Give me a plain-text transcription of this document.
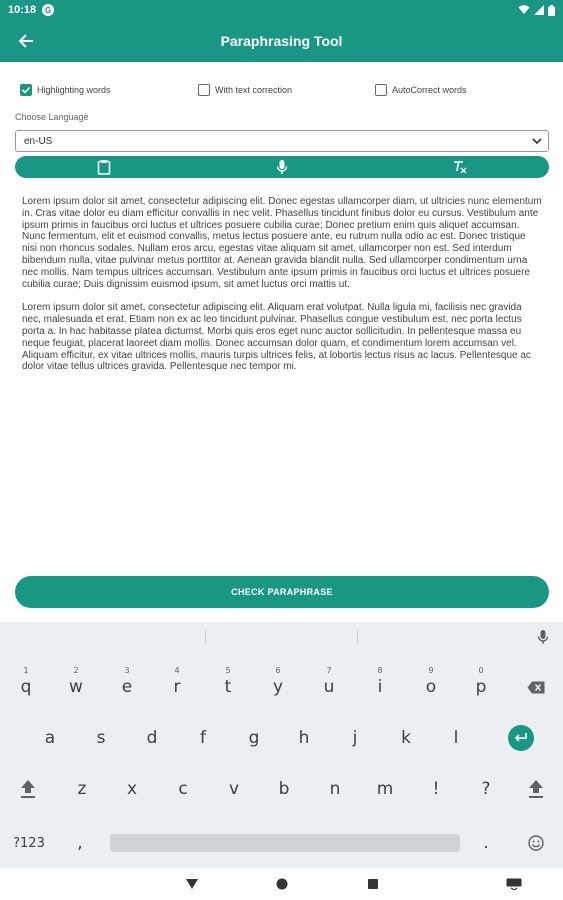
10:18	G
Paraphrasing Tool
Highlighting words	With text correction	AutoCorrect words
Choose Language
en-US

Lorem ipsum dolor sit amet, consectetur adipiscing elit. Donec egestas ullamcorper diam, ut ultricies nunc elementum in. Cras vitae dolor eu diam efficitur convallis in nec velit. Phasellus tincidunt finibus dolor eu cursus. Vestibulum ante ipsum primis in faucibus orci luctus et ultrices posuere cubilia curae; Donec pretium enim quis aliquet accumsan. Nunc fermentum, elit et euismod convallis, metus lectus posuere ante, eu rutrum nulla odio ac est. Donec tristique nisi non rhoncus sodales. Nullam eros arcu, egestas vitae aliquam sit amet, ullamcorper non est. Sed interdum bibendum nulla, vitae pulvinar metus porttitor at. Aenean gravida blandit nulla. Sed ullamcorper condimentum urna nec mollis. Nam tempus ultrices accumsan. Vestibulum ante ipsum primis in faucibus orci luctus et ultrices posuere cubilia curae; Duis dignissim euismod ipsum, sit amet luctus orci mattis ut.

Lorem ipsum dolor sit amet, consectetur adipiscing elit. Aliquam erat volutpat. Nulla ligula mi, facilisis nec gravida nec, malesuada et erat. Etiam non ex ac leo tincidunt pulvinar. Phasellus congue vestibulum est, nec porta lectus porta a. In hac habitasse platea dictumst. Morbi quis eros eget nunc auctor sollicitudin. In pellentesque massa eu neque feugiat, placerat laoreet diam mollis. Donec accumsan dolor quam, et condimentum lorem accumsan vel. Aliquam efficitur, ex vitae ultrices mollis, mauris turpis ultrices felis, at lobortis lectus risus ac lacus. Pellentesque ac dolor vitae tellus ultrices gravida. Pellentesque nec tempor mi.

CHECK PARAPHRASE
1
q
2
w
3
e
4
r
5
t
6
y
7
u
8
i
9
o
0
p
a	s	d	f	g	h	j	k	l
z	x	c	v	b	n	m	!	?
?123	,	.
